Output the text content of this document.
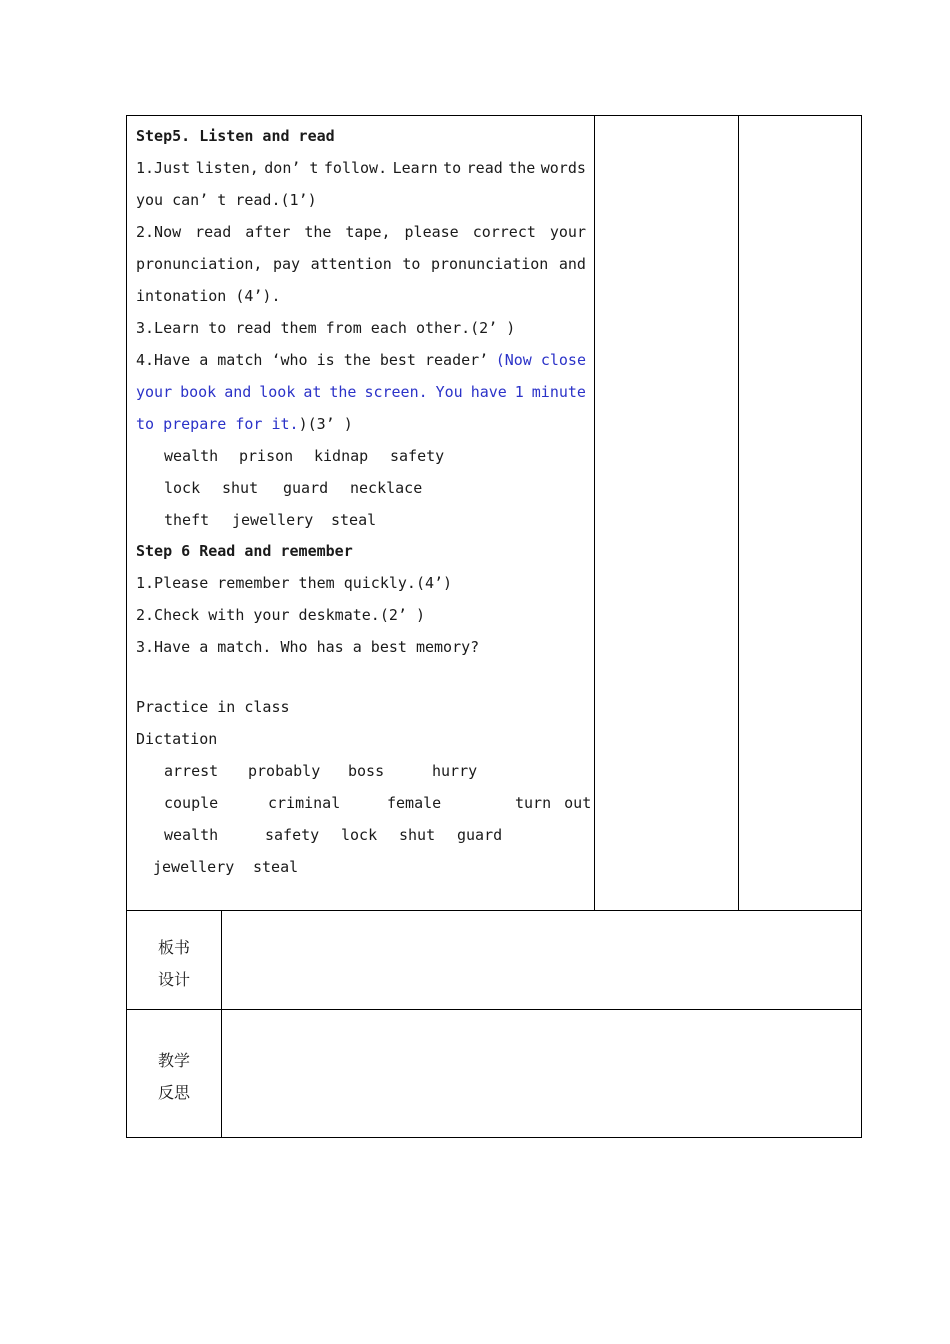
Step5. Listen and read
1.Just listen, don’ t follow. Learn to read the words
you can’ t read.(1’)
2.Now read after the tape, please correct your
pronunciation, pay attention to pronunciation and
intonation (4’).
3.Learn to read them from each other.(2’ )
4.Have a match ‘who is the best reader’ (Now close
your book and look at the screen. You have 1 minute
to prepare for it.)(3’ )
wealth prison kidnap safety
lock shut guard necklace
theft jewellery steal
Step 6 Read and remember
1.Please remember them quickly.(4’)
2.Check with your deskmate.(2’ )
3.Have a match. Who has a best memory?
Practice in class
Dictation
arrest probably boss	hurry
couple	criminal	female	turn out
wealth	safety lock shut guard
jewellery steal
板书
设计
教学
反思
